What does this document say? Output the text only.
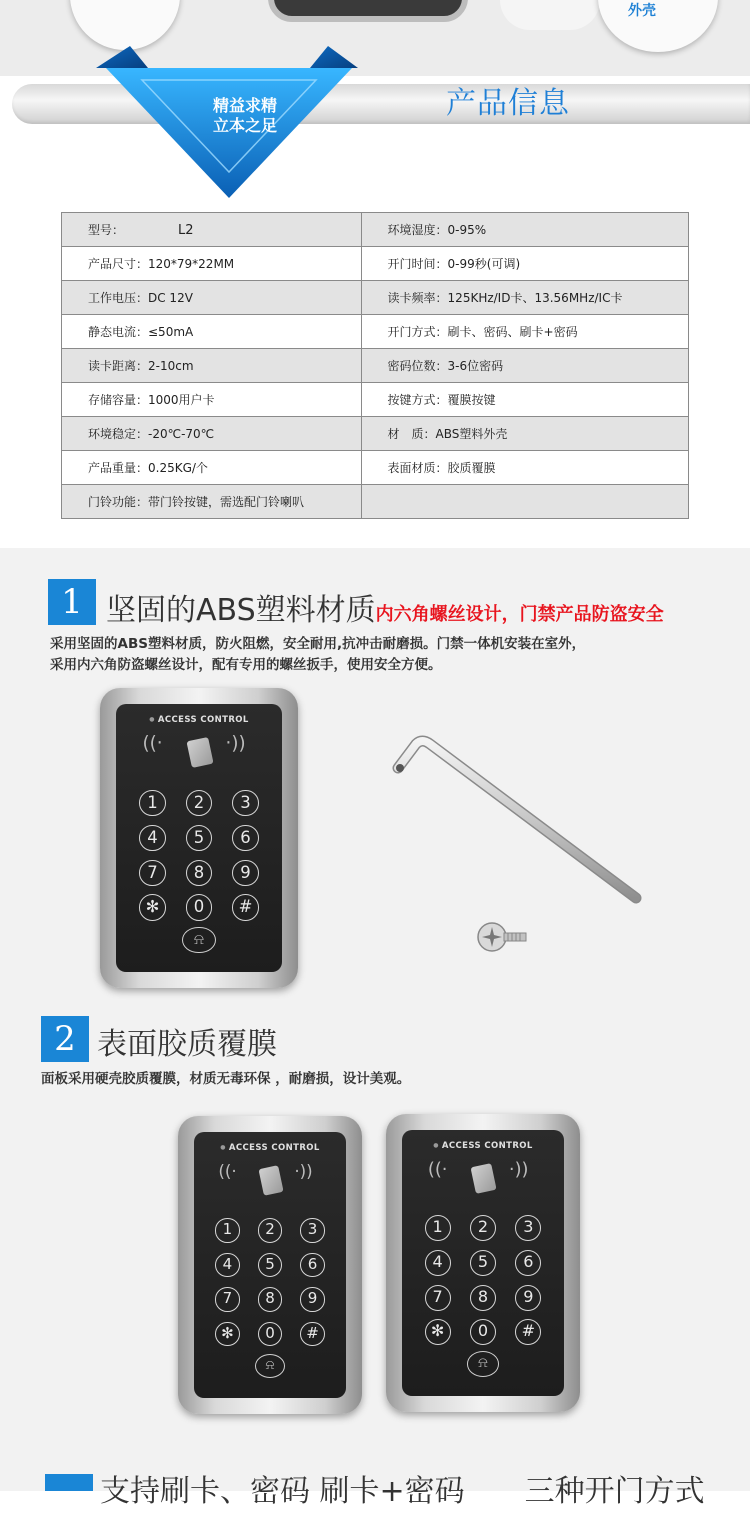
外壳
产品信息
精益求精
立本之足
型号： L2	环境湿度：0-95%
产品尺寸：120*79*22MM	开门时间：0-99秒(可调)
工作电压：DC 12V	读卡频率：125KHz/ID卡、13.56MHz/IC卡
静态电流：≤50mA	开门方式：刷卡、密码、刷卡+密码
读卡距离：2-10cm	密码位数：3-6位密码
存储容量：1000用户卡	按键方式：覆膜按键
环境稳定：-20℃-70℃	材　质：ABS塑料外壳
产品重量：0.25KG/个	表面材质：胶质覆膜
门铃功能：带门铃按键，需选配门铃喇叭	
1 坚固的ABS塑料材质内六角螺丝设计，门禁产品防盗安全
采用坚固的ABS塑料材质，防火阻燃，安全耐用,抗冲击耐磨损。门禁一体机安装在室外，
采用内六角防盗螺丝设计，配有专用的螺丝扳手，使用安全方便。
● ACCESS CONTROL
((·	·))
1	2	3
4	5	6
7	8	9
✻	0	#
⍾
2 表面胶质覆膜
面板采用硬壳胶质覆膜，材质无毒环保 ，耐磨损，设计美观。
● ACCESS CONTROL
((·	·))
1	2	3
4	5	6
7	8	9
✻	0	#
⍾
● ACCESS CONTROL
((·	·))
1	2	3
4	5	6
7	8	9
✻	0	#
⍾
支持刷卡、密码 刷卡+密码　　三种开门方式
